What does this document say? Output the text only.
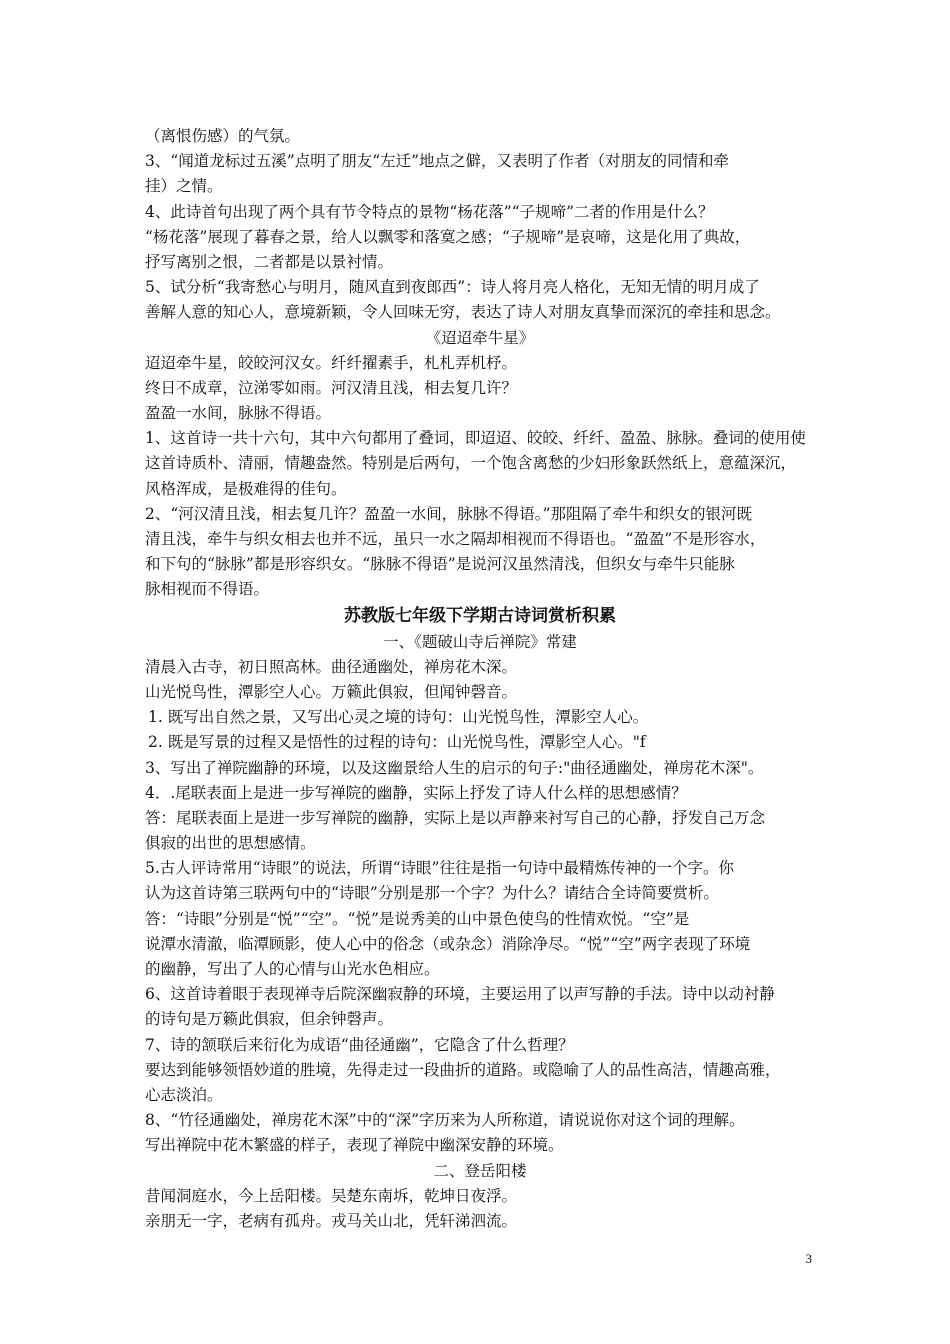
（离恨伤感）的气氛。
3、“闻道龙标过五溪”点明了朋友“左迁”地点之僻，又表明了作者（对朋友的同情和牵
挂）之情。
4、此诗首句出现了两个具有节令特点的景物“杨花落”“子规啼”二者的作用是什么？
“杨花落”展现了暮春之景，给人以飘零和落寞之感；“子规啼”是哀啼，这是化用了典故，
抒写离别之恨，二者都是以景衬情。
5、试分析“我寄愁心与明月，随风直到夜郎西”：诗人将月亮人格化，无知无情的明月成了
善解人意的知心人，意境新颖，令人回味无穷，表达了诗人对朋友真挚而深沉的牵挂和思念。
《迢迢牵牛星》
迢迢牵牛星，皎皎河汉女。纤纤擢素手，札札弄机杼。
终日不成章，泣涕零如雨。河汉清且浅，相去复几许？
盈盈一水间，脉脉不得语。
1、这首诗一共十六句，其中六句都用了叠词，即迢迢、皎皎、纤纤、盈盈、脉脉。叠词的使用使
这首诗质朴、清丽，情趣盎然。特别是后两句，一个饱含离愁的少妇形象跃然纸上，意蕴深沉，
风格浑成，是极难得的佳句。
2、“河汉清且浅，相去复几许？盈盈一水间，脉脉不得语。”那阻隔了牵牛和织女的银河既
清且浅，牵牛与织女相去也并不远，虽只一水之隔却相视而不得语也。“盈盈”不是形容水，
和下句的“脉脉”都是形容织女。“脉脉不得语”是说河汉虽然清浅，但织女与牵牛只能脉
脉相视而不得语。
苏教版七年级下学期古诗词赏析积累
一、《题破山寺后禅院》常建
清晨入古寺，初日照高林。曲径通幽处，禅房花木深。
山光悦鸟性，潭影空人心。万籁此俱寂，但闻钟磬音。
1. 既写出自然之景，又写出心灵之境的诗句：山光悦鸟性，潭影空人心。
2. 既是写景的过程又是悟性的过程的诗句：山光悦鸟性，潭影空人心。"f
3、写出了禅院幽静的环境，以及这幽景给人生的启示的句子:"曲径通幽处，禅房花木深"。
4．.尾联表面上是进一步写禅院的幽静，实际上抒发了诗人什么样的思想感情？
答：尾联表面上是进一步写禅院的幽静，实际上是以声静来衬写自己的心静，抒发自己万念
俱寂的出世的思想感情。
5.古人评诗常用“诗眼”的说法，所谓“诗眼”往往是指一句诗中最精炼传神的一个字。你
认为这首诗第三联两句中的“诗眼”分别是那一个字？为什么？请结合全诗简要赏析。
答：“诗眼”分别是“悦”“空”。“悦”是说秀美的山中景色使鸟的性情欢悦。“空”是
说潭水清澈，临潭顾影，使人心中的俗念（或杂念）消除净尽。“悦”“空”两字表现了环境
的幽静，写出了人的心情与山光水色相应。
6、这首诗着眼于表现禅寺后院深幽寂静的环境，主要运用了以声写静的手法。诗中以动衬静
的诗句是万籁此俱寂，但余钟磬声。
7、诗的颔联后来衍化为成语“曲径通幽”，它隐含了什么哲理？
要达到能够领悟妙道的胜境，先得走过一段曲折的道路。或隐喻了人的品性高洁，情趣高雅，
心志淡泊。
8、“竹径通幽处，禅房花木深”中的“深”字历来为人所称道，请说说你对这个词的理解。
写出禅院中花木繁盛的样子，表现了禅院中幽深安静的环境。
二、登岳阳楼
昔闻洞庭水，今上岳阳楼。吴楚东南坼，乾坤日夜浮。
亲朋无一字，老病有孤舟。戎马关山北，凭轩涕泗流。
3
